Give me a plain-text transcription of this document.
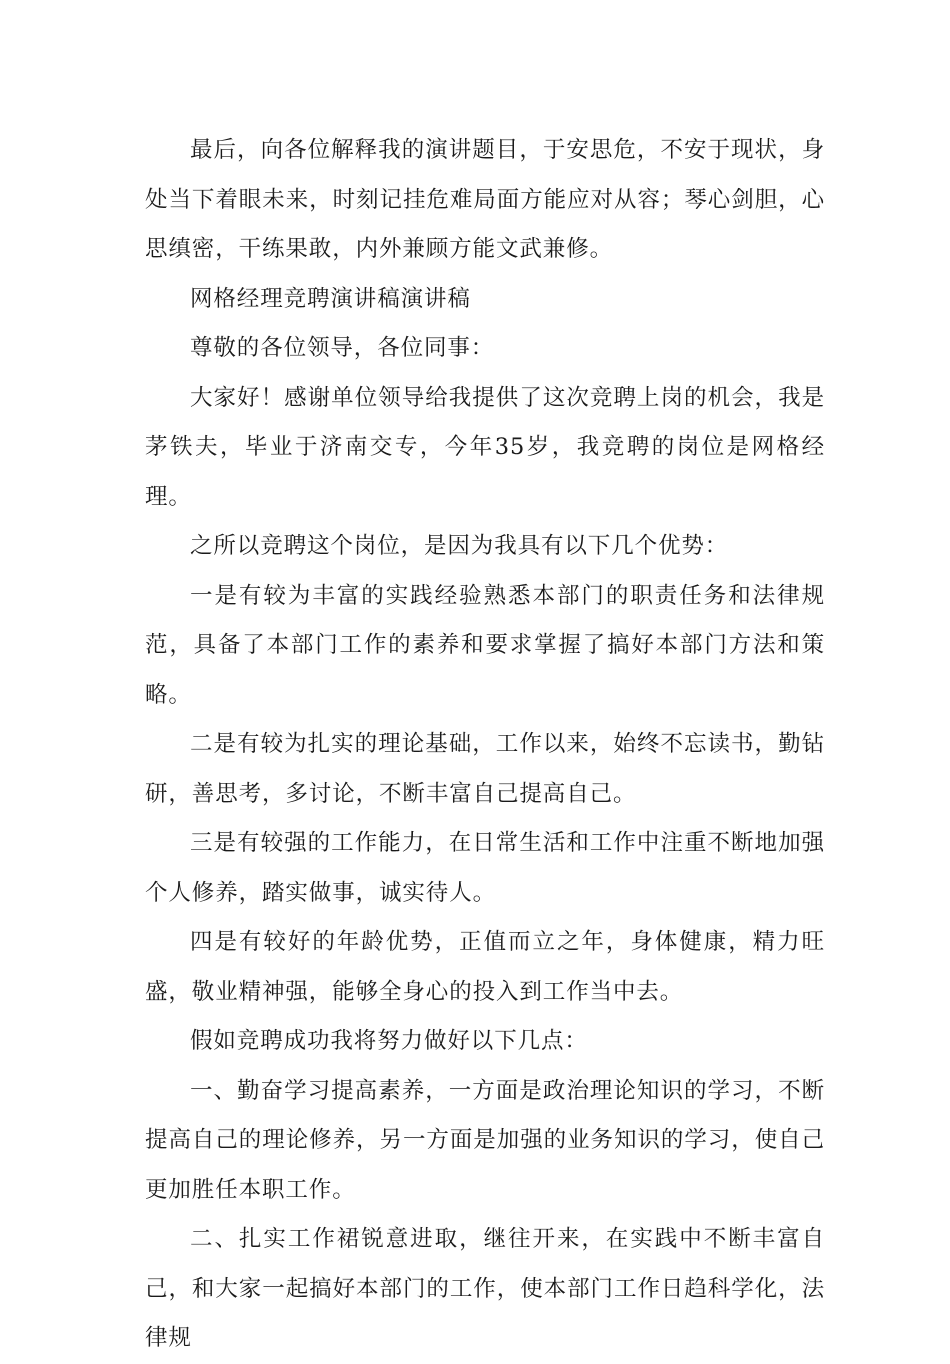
最后，向各位解释我的演讲题目，于安思危，不安于现状，身处当下着眼未来，时刻记挂危难局面方能应对从容；琴心剑胆，心思缜密，干练果敢，内外兼顾方能文武兼修。

网格经理竞聘演讲稿演讲稿

尊敬的各位领导，各位同事：

大家好！感谢单位领导给我提供了这次竞聘上岗的机会，我是茅铁夫，毕业于济南交专，今年35岁，我竞聘的岗位是网格经理。

之所以竞聘这个岗位，是因为我具有以下几个优势：

一是有较为丰富的实践经验熟悉本部门的职责任务和法律规范，具备了本部门工作的素养和要求掌握了搞好本部门方法和策略。

二是有较为扎实的理论基础，工作以来，始终不忘读书，勤钻研，善思考，多讨论，不断丰富自己提高自己。

三是有较强的工作能力，在日常生活和工作中注重不断地加强个人修养，踏实做事，诚实待人。

四是有较好的年龄优势，正值而立之年，身体健康，精力旺盛，敬业精神强，能够全身心的投入到工作当中去。

假如竞聘成功我将努力做好以下几点：

一、勤奋学习提高素养，一方面是政治理论知识的学习，不断提高自己的理论修养，另一方面是加强的业务知识的学习，使自己更加胜任本职工作。

二、扎实工作裙锐意进取，继往开来，在实践中不断丰富自己，和大家一起搞好本部门的工作，使本部门工作日趋科学化，法律规
